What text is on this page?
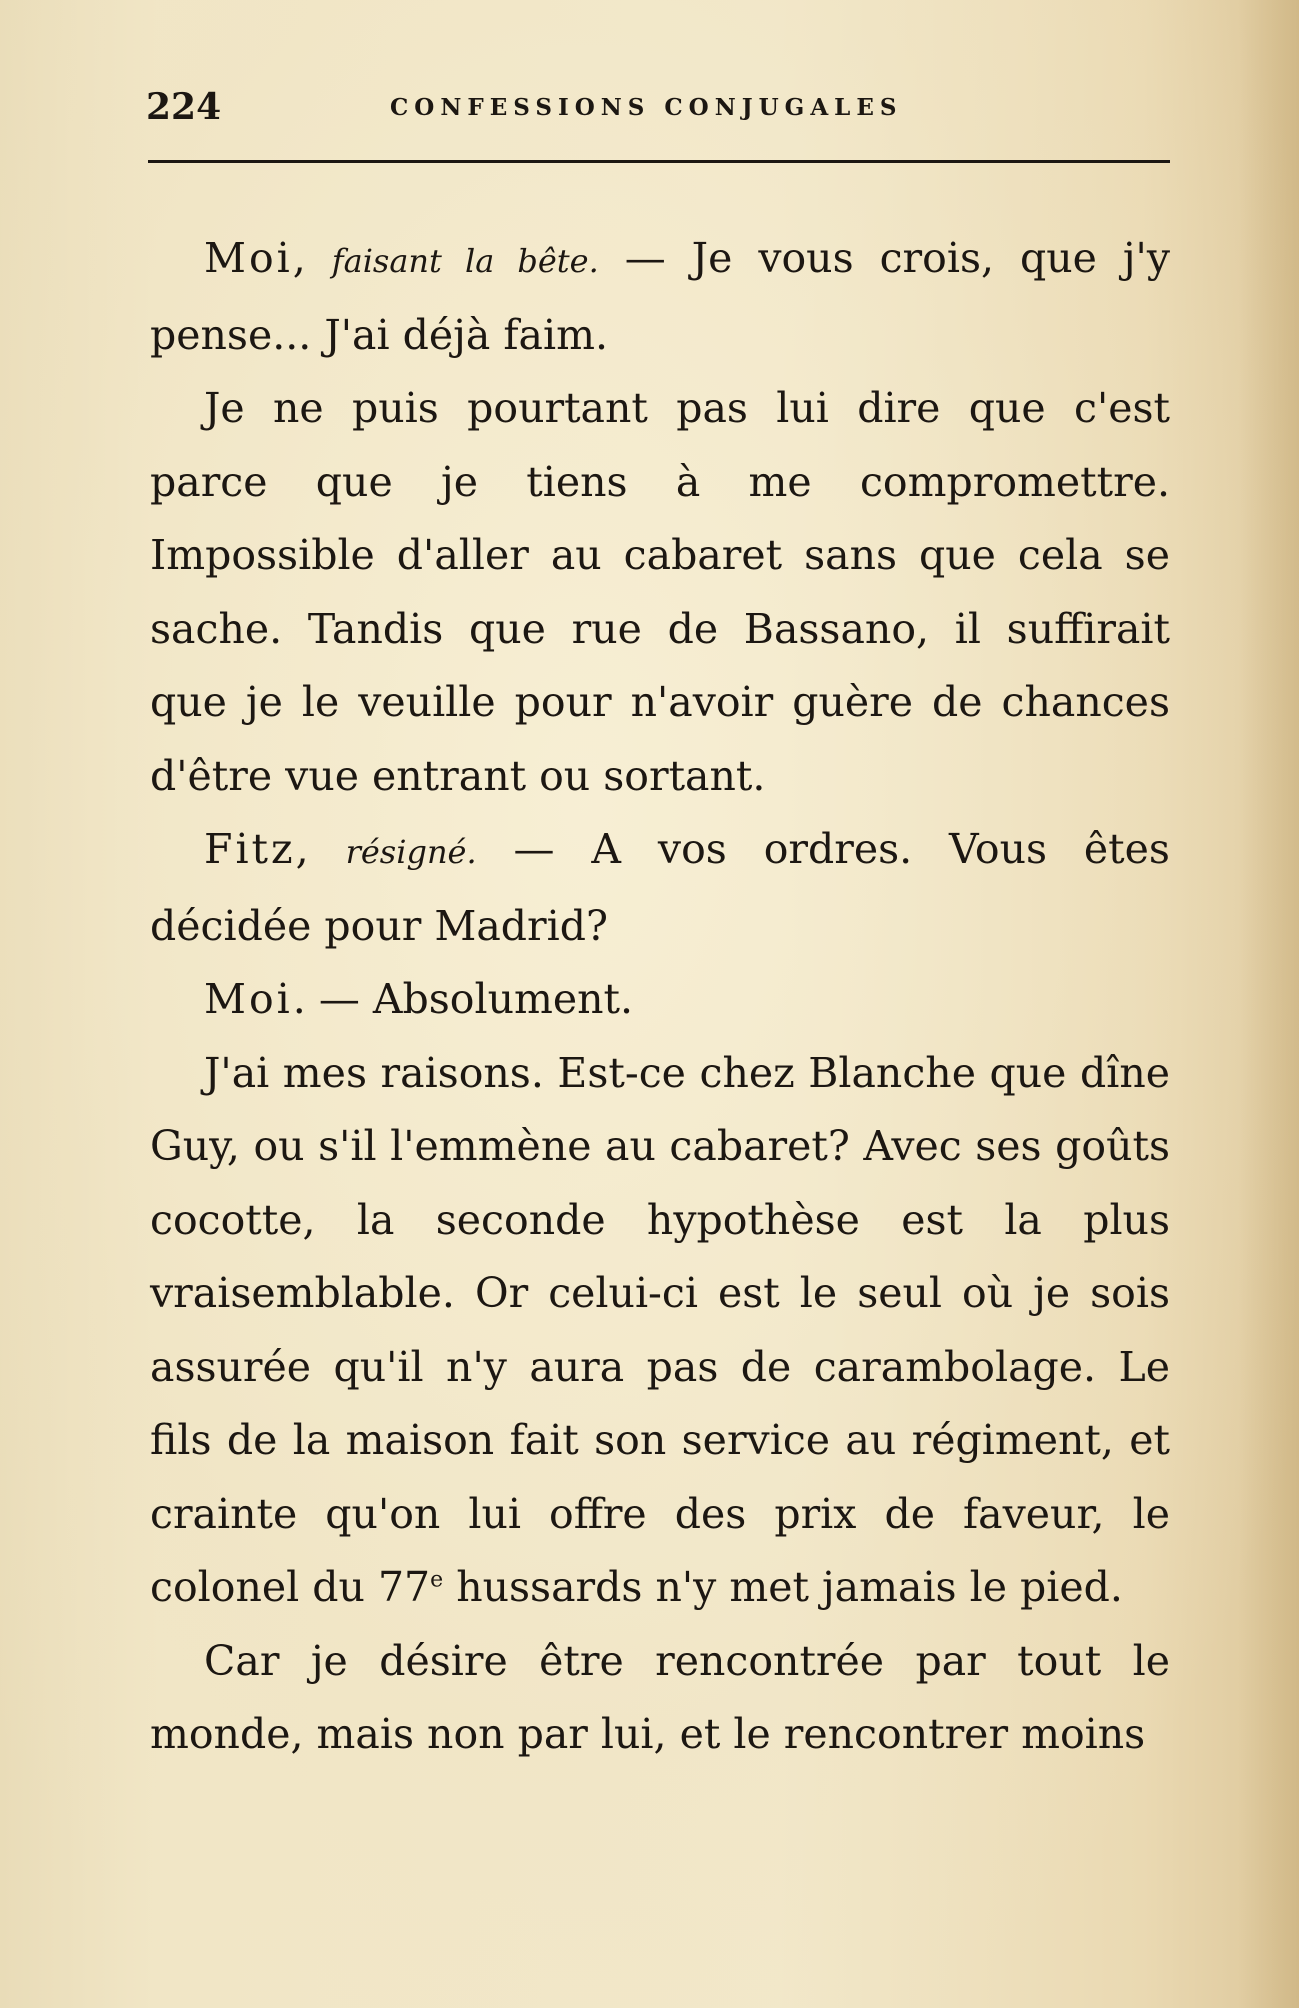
224	CONFESSIONS CONJUGALES

Moi, faisant la bête. — Je vous crois, que j'y pense... J'ai déjà faim.

Je ne puis pourtant pas lui dire que c'est parce que je tiens à me compromettre. Impossible d'aller au cabaret sans que cela se sache. Tandis que rue de Bassano, il suffirait que je le veuille pour n'avoir guère de chances d'être vue entrant ou sortant.

Fitz, résigné. — A vos ordres. Vous êtes décidée pour Madrid?

Moi. — Absolument.

J'ai mes raisons. Est-ce chez Blanche que dîne Guy, ou s'il l'emmène au cabaret? Avec ses goûts cocotte, la seconde hypothèse est la plus vraisemblable. Or celui-ci est le seul où je sois assurée qu'il n'y aura pas de carambolage. Le fils de la maison fait son service au régiment, et crainte qu'on lui offre des prix de faveur, le colonel du 77e hussards n'y met jamais le pied.

Car je désire être rencontrée par tout le monde, mais non par lui, et le rencontrer moins
